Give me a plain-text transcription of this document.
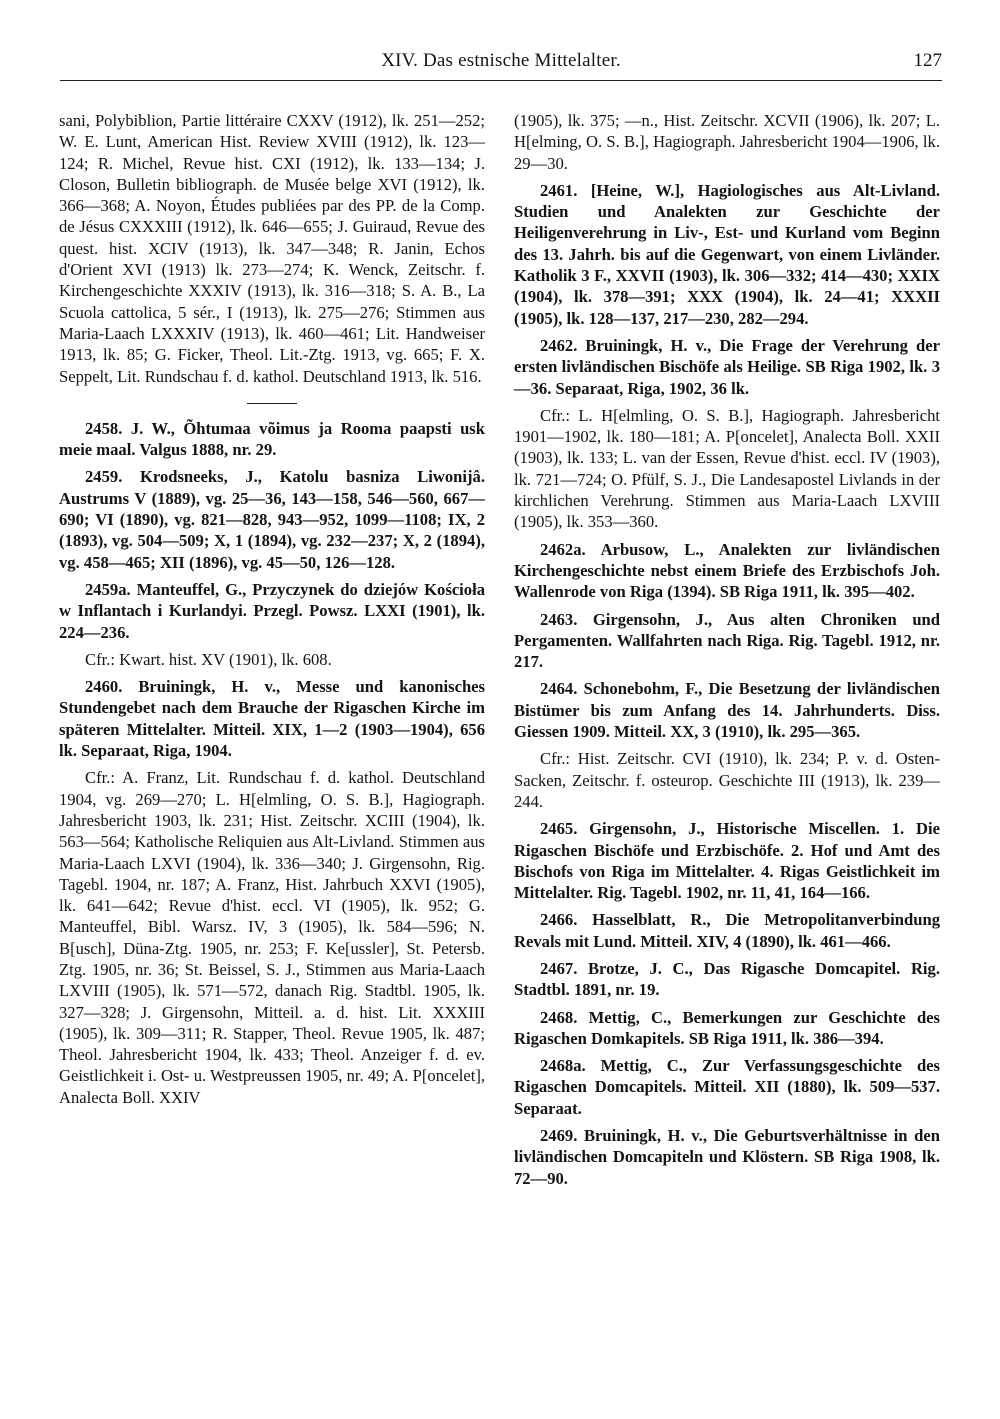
XIV. Das estnische Mittelalter.	127

sani, Polybiblion, Partie littéraire CXXV (1912), lk. 251—252; W. E. Lunt, American Hist. Review XVIII (1912), lk. 123—124; R. Michel, Revue hist. CXI (1912), lk. 133—134; J. Closon, Bulletin bibliograph. de Musée belge XVI (1912), lk. 366—368; A. Noyon, Études publiées par des PP. de la Comp. de Jésus CXXXIII (1912), lk. 646—655; J. Guiraud, Revue des quest. hist. XCIV (1913), lk. 347—348; R. Janin, Echos d'Orient XVI (1913) lk. 273—274; K. Wenck, Zeitschr. f. Kirchengeschichte XXXIV (1913), lk. 316—318; S. A. B., La Scuola cattolica, 5 sér., I (1913), lk. 275—276; Stimmen aus Maria-Laach LXXXIV (1913), lk. 460—461; Lit. Handweiser 1913, lk. 85; G. Ficker, Theol. Lit.-Ztg. 1913, vg. 665; F. X. Seppelt, Lit. Rundschau f. d. kathol. Deutschland 1913, lk. 516.

2458. J. W., Õhtumaa võimus ja Rooma paapsti usk meie maal. Valgus 1888, nr. 29.

2459. Krodsneeks, J., Katolu basniza Liwonijâ. Austrums V (1889), vg. 25—36, 143—158, 546—560, 667—690; VI (1890), vg. 821—828, 943—952, 1099—1108; IX, 2 (1893), vg. 504—509; X, 1 (1894), vg. 232—237; X, 2 (1894), vg. 458—465; XII (1896), vg. 45—50, 126—128.

2459a. Manteuffel, G., Przyczynek do dziejów Kościoła w Inflantach i Kurlandyi. Przegl. Powsz. LXXI (1901), lk. 224—236.

Cfr.: Kwart. hist. XV (1901), lk. 608.

2460. Bruiningk, H. v., Messe und kanonisches Stundengebet nach dem Brauche der Rigaschen Kirche im späteren Mittelalter. Mitteil. XIX, 1—2 (1903—1904), 656 lk. Separaat, Riga, 1904.

Cfr.: A. Franz, Lit. Rundschau f. d. kathol. Deutschland 1904, vg. 269—270; L. H[elmling, O. S. B.], Hagiograph. Jahresbericht 1903, lk. 231; Hist. Zeitschr. XCIII (1904), lk. 563—564; Katholische Reliquien aus Alt-Livland. Stimmen aus Maria-Laach LXVI (1904), lk. 336—340; J. Girgensohn, Rig. Tagebl. 1904, nr. 187; A. Franz, Hist. Jahrbuch XXVI (1905), lk. 641—642; Revue d'hist. eccl. VI (1905), lk. 952; G. Manteuffel, Bibl. Warsz. IV, 3 (1905), lk. 584—596; N. B[usch], Düna-Ztg. 1905, nr. 253; F. Ke[ussler], St. Petersb. Ztg. 1905, nr. 36; St. Beissel, S. J., Stimmen aus Maria-Laach LXVIII (1905), lk. 571—572, danach Rig. Stadtbl. 1905, lk. 327—328; J. Girgensohn, Mitteil. a. d. hist. Lit. XXXIII (1905), lk. 309—311; R. Stapper, Theol. Revue 1905, lk. 487; Theol. Jahresbericht 1904, lk. 433; Theol. Anzeiger f. d. ev. Geistlichkeit i. Ost- u. Westpreussen 1905, nr. 49; A. P[oncelet], Analecta Boll. XXIV

(1905), lk. 375; —n., Hist. Zeitschr. XCVII (1906), lk. 207; L. H[elming, O. S. B.], Hagiograph. Jahresbericht 1904—1906, lk. 29—30.

2461. [Heine, W.], Hagiologisches aus Alt-Livland. Studien und Analekten zur Geschichte der Heiligenverehrung in Liv-, Est- und Kurland vom Beginn des 13. Jahrh. bis auf die Gegenwart, von einem Livländer. Katholik 3 F., XXVII (1903), lk. 306—332; 414—430; XXIX (1904), lk. 378—391; XXX (1904), lk. 24—41; XXXII (1905), lk. 128—137, 217—230, 282—294.

2462. Bruiningk, H. v., Die Frage der Verehrung der ersten livländischen Bischöfe als Heilige. SB Riga 1902, lk. 3—36. Separaat, Riga, 1902, 36 lk.

Cfr.: L. H[elmling, O. S. B.], Hagiograph. Jahresbericht 1901—1902, lk. 180—181; A. P[oncelet], Analecta Boll. XXII (1903), lk. 133; L. van der Essen, Revue d'hist. eccl. IV (1903), lk. 721—724; O. Pfülf, S. J., Die Landesapostel Livlands in der kirchlichen Verehrung. Stimmen aus Maria-Laach LXVIII (1905), lk. 353—360.

2462a. Arbusow, L., Analekten zur livländischen Kirchengeschichte nebst einem Briefe des Erzbischofs Joh. Wallenrode von Riga (1394). SB Riga 1911, lk. 395—402.

2463. Girgensohn, J., Aus alten Chroniken und Pergamenten. Wallfahrten nach Riga. Rig. Tagebl. 1912, nr. 217.

2464. Schonebohm, F., Die Besetzung der livländischen Bistümer bis zum Anfang des 14. Jahrhunderts. Diss. Giessen 1909. Mitteil. XX, 3 (1910), lk. 295—365.

Cfr.: Hist. Zeitschr. CVI (1910), lk. 234; P. v. d. Osten-Sacken, Zeitschr. f. osteurop. Geschichte III (1913), lk. 239—244.

2465. Girgensohn, J., Historische Miscellen. 1. Die Rigaschen Bischöfe und Erzbischöfe. 2. Hof und Amt des Bischofs von Riga im Mittelalter. 4. Rigas Geistlichkeit im Mittelalter. Rig. Tagebl. 1902, nr. 11, 41, 164—166.

2466. Hasselblatt, R., Die Metropolitanverbindung Revals mit Lund. Mitteil. XIV, 4 (1890), lk. 461—466.

2467. Brotze, J. C., Das Rigasche Domcapitel. Rig. Stadtbl. 1891, nr. 19.

2468. Mettig, C., Bemerkungen zur Geschichte des Rigaschen Domkapitels. SB Riga 1911, lk. 386—394.

2468a. Mettig, C., Zur Verfassungsgeschichte des Rigaschen Domcapitels. Mitteil. XII (1880), lk. 509—537. Separaat.

2469. Bruiningk, H. v., Die Geburtsverhältnisse in den livländischen Domcapiteln und Klöstern. SB Riga 1908, lk. 72—90.
